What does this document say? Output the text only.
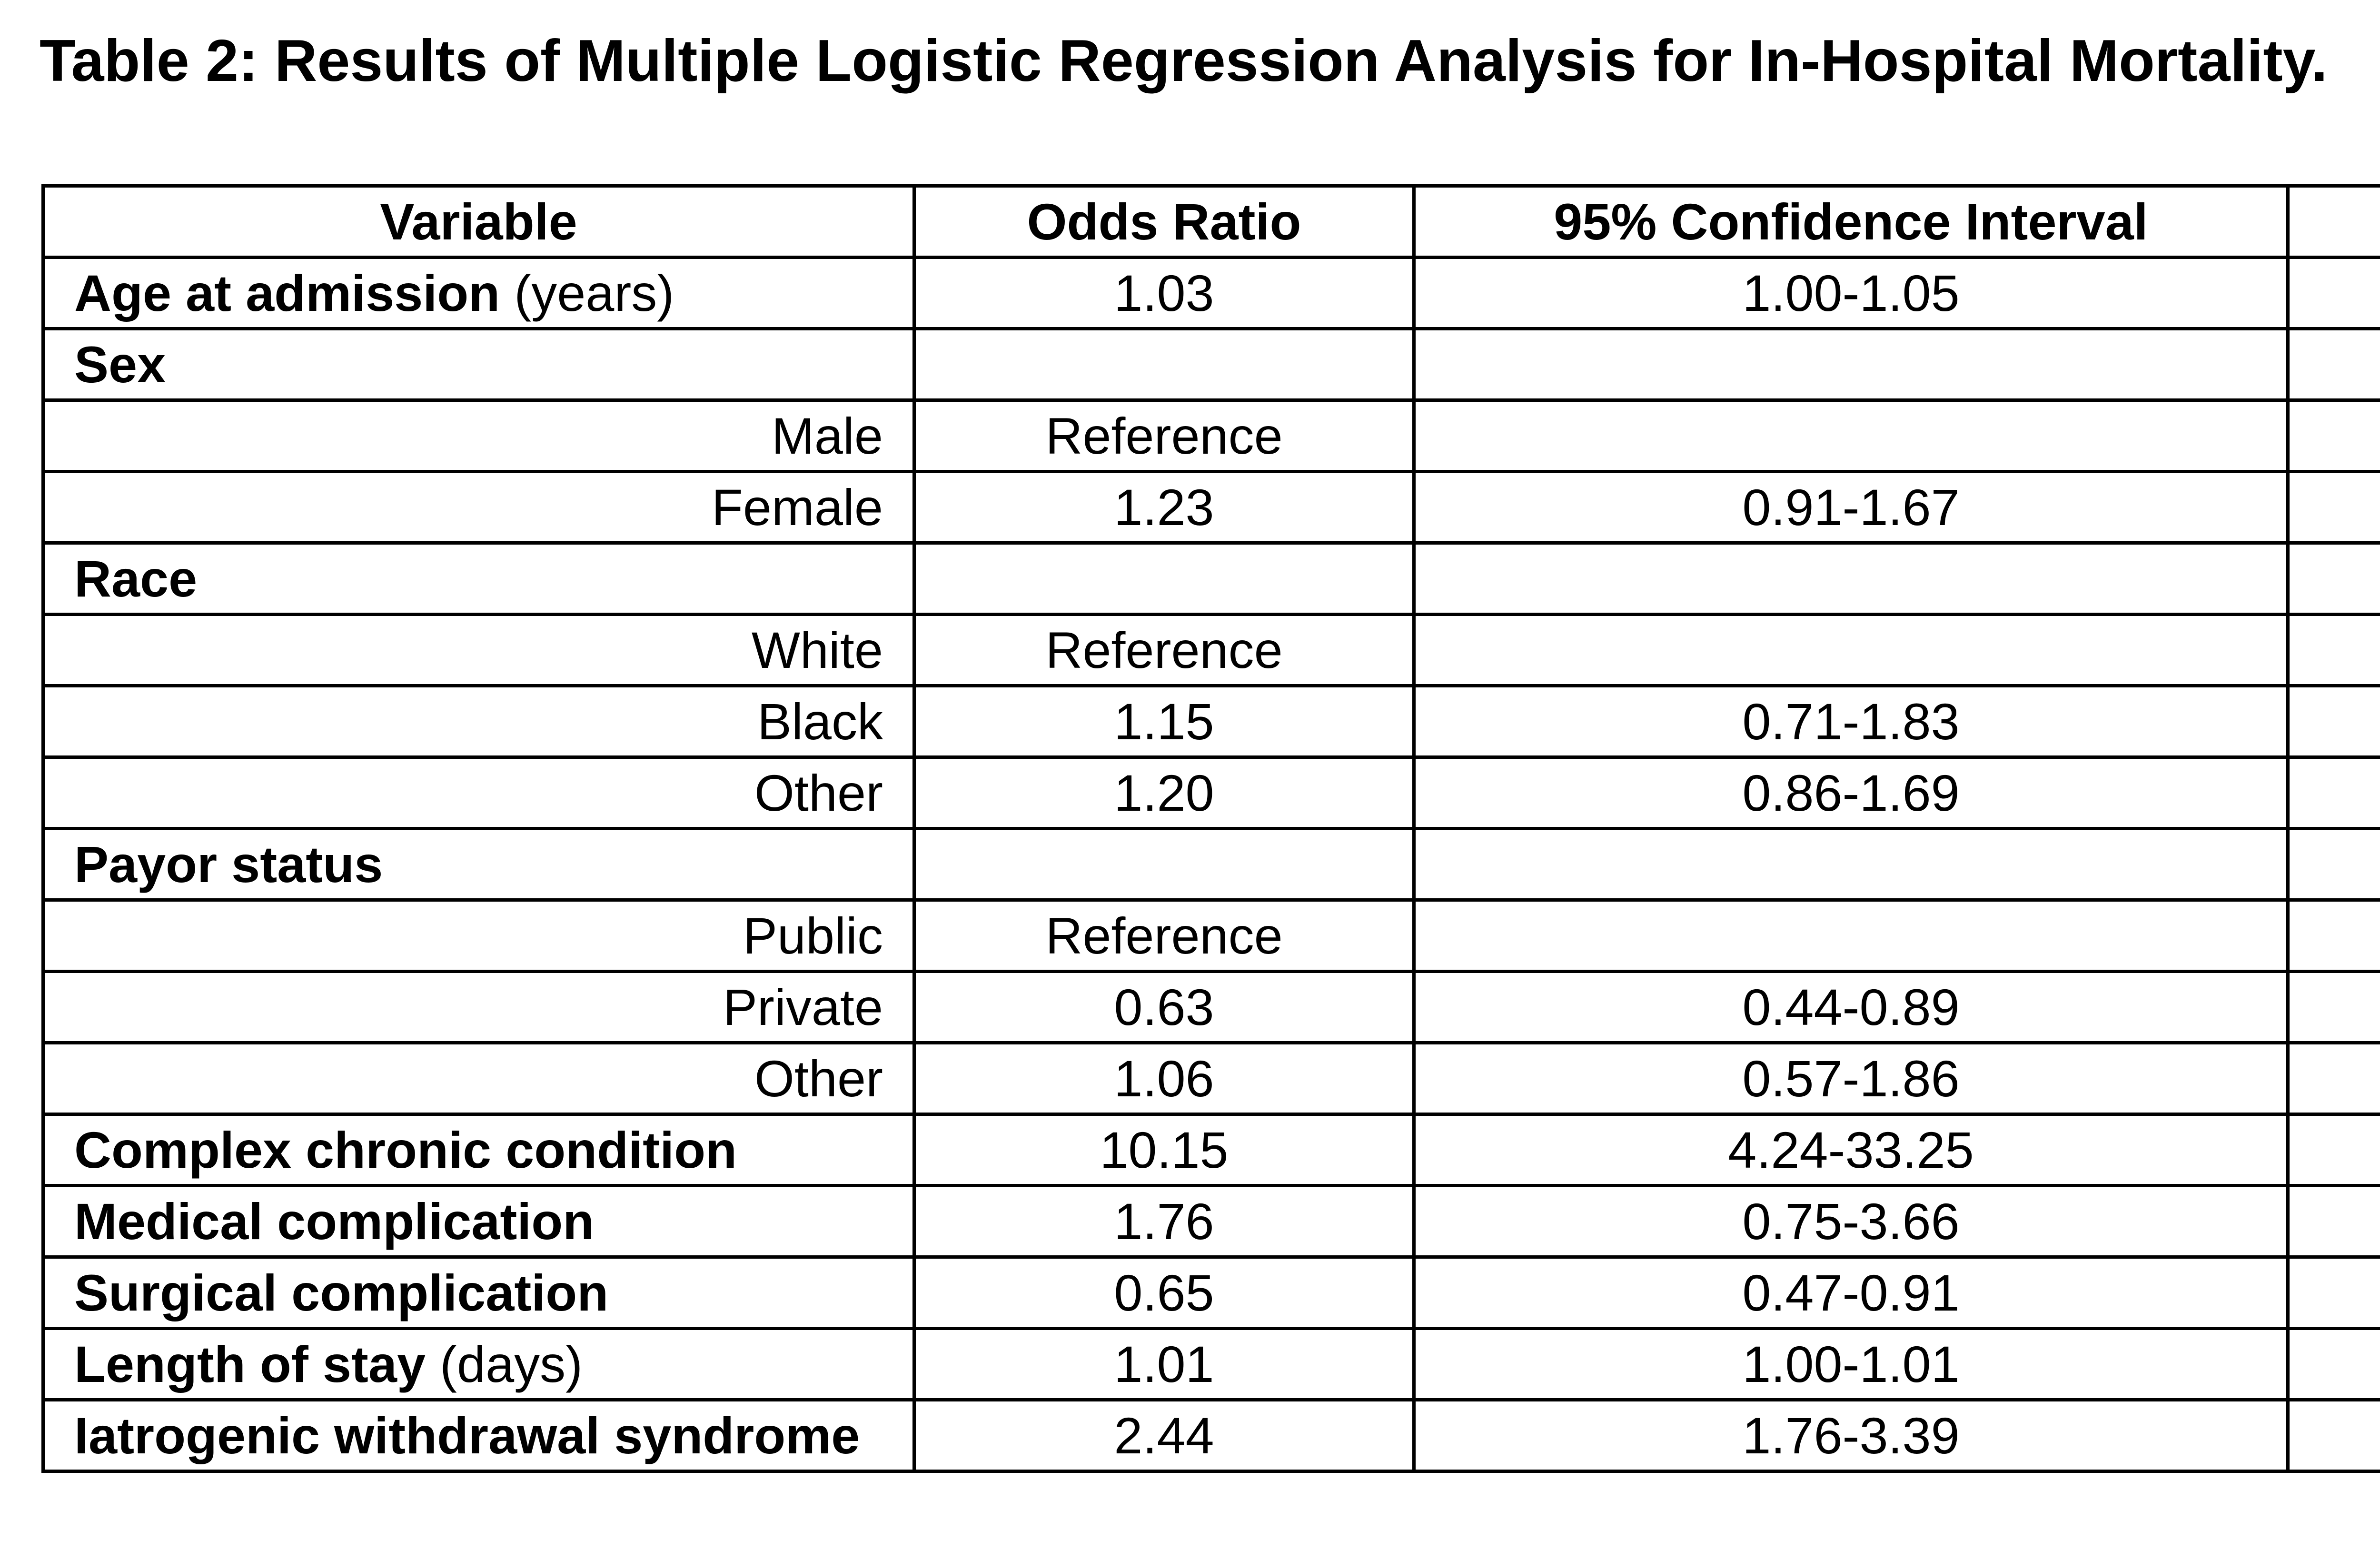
Table 2: Results of Multiple Logistic Regression Analysis for In-Hospital Mortality.
Variable	Odds Ratio	95% Confidence Interval	
Age at admission (years)	1.03	1.00-1.05	
Sex			
Male	Reference		
Female	1.23	0.91-1.67	
Race			
White	Reference		
Black	1.15	0.71-1.83	
Other	1.20	0.86-1.69	
Payor status			
Public	Reference		
Private	0.63	0.44-0.89	
Other	1.06	0.57-1.86	
Complex chronic condition	10.15	4.24-33.25	
Medical complication	1.76	0.75-3.66	
Surgical complication	0.65	0.47-0.91	
Length of stay (days)	1.01	1.00-1.01	
Iatrogenic withdrawal syndrome	2.44	1.76-3.39	
